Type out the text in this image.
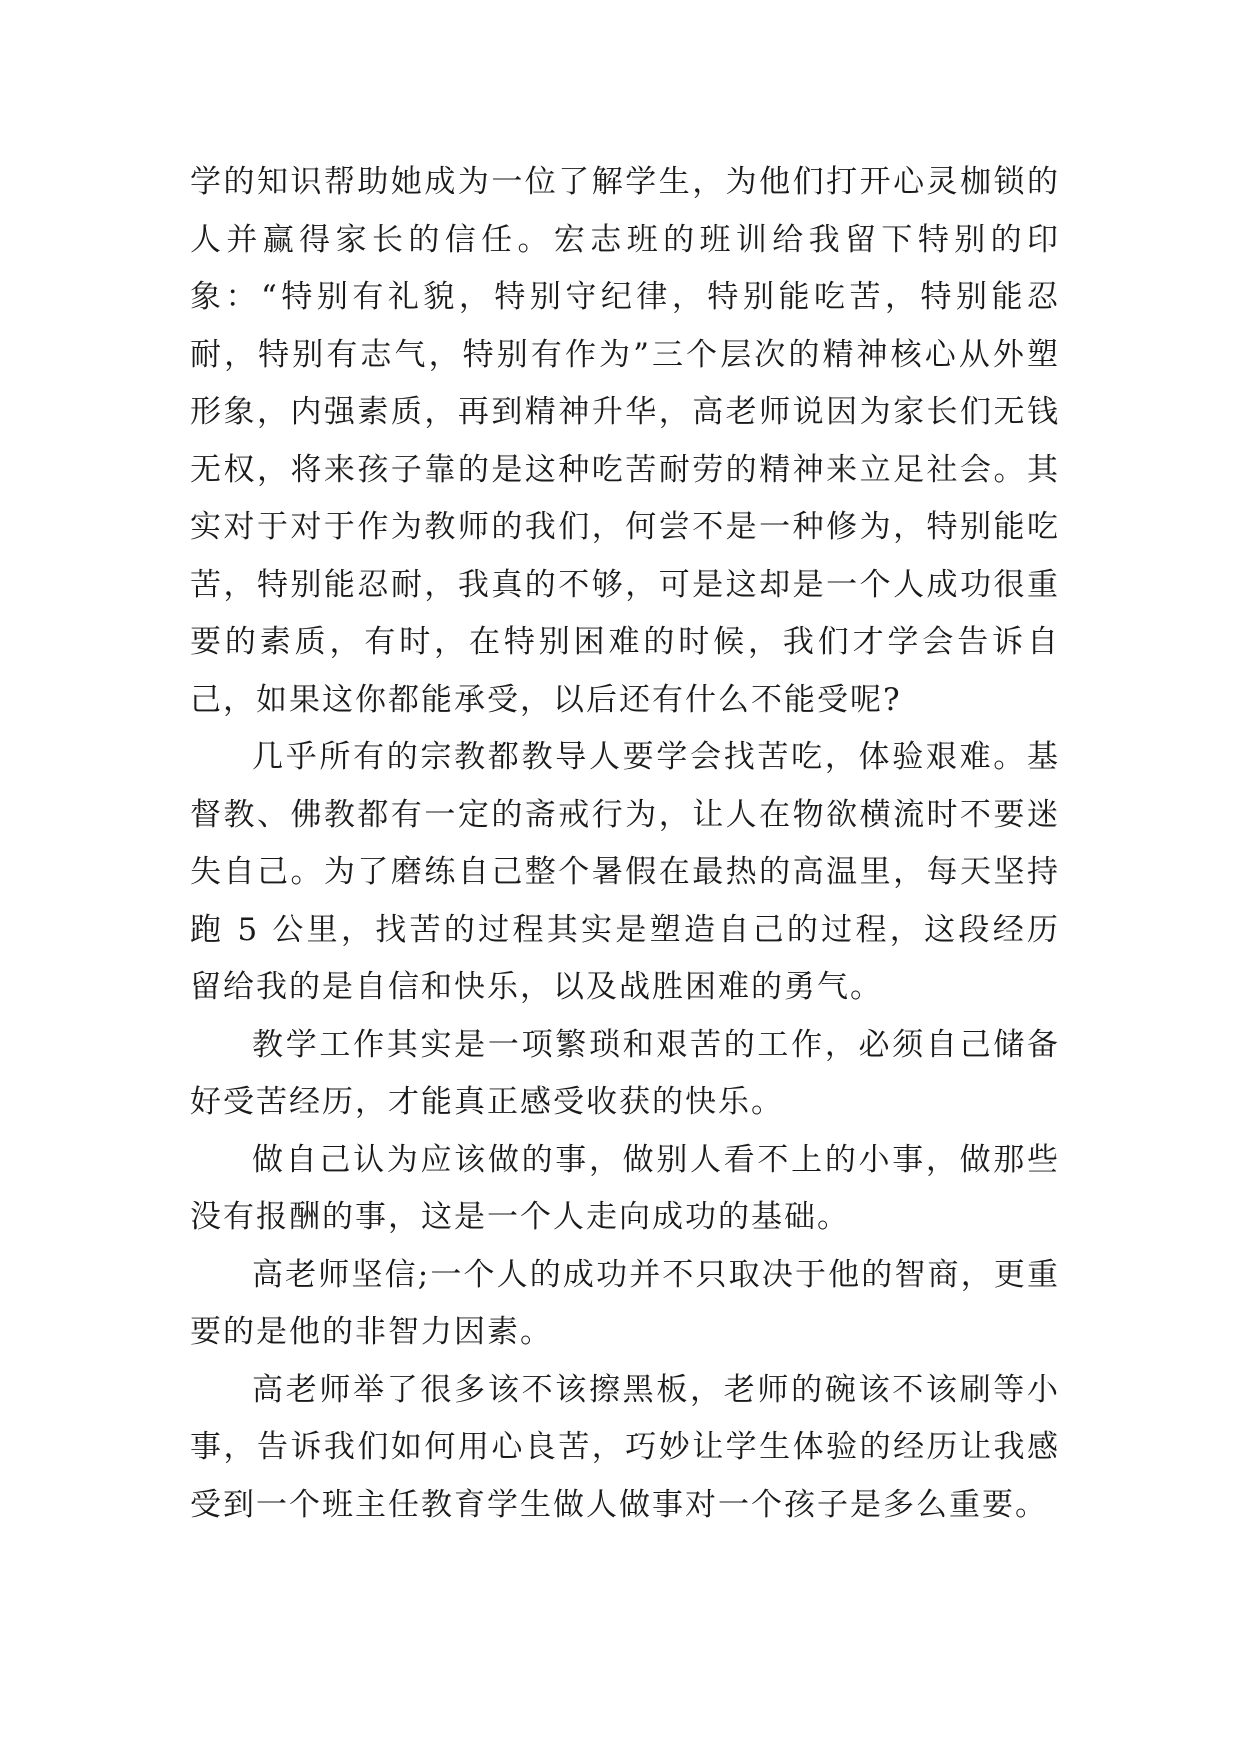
学的知识帮助她成为一位了解学生，为他们打开心灵枷锁的人并赢得家长的信任。宏志班的班训给我留下特别的印象：“特别有礼貌，特别守纪律，特别能吃苦，特别能忍耐，特别有志气，特别有作为”三个层次的精神核心从外塑形象，内强素质，再到精神升华，高老师说因为家长们无钱无权，将来孩子靠的是这种吃苦耐劳的精神来立足社会。其实对于对于作为教师的我们，何尝不是一种修为，特别能吃苦，特别能忍耐，我真的不够，可是这却是一个人成功很重要的素质，有时，在特别困难的时候，我们才学会告诉自己，如果这你都能承受，以后还有什么不能受呢?

几乎所有的宗教都教导人要学会找苦吃，体验艰难。基督教、佛教都有一定的斋戒行为，让人在物欲横流时不要迷失自己。为了磨练自己整个暑假在最热的高温里，每天坚持跑 5 公里，找苦的过程其实是塑造自己的过程，这段经历留给我的是自信和快乐，以及战胜困难的勇气。

教学工作其实是一项繁琐和艰苦的工作，必须自己储备好受苦经历，才能真正感受收获的快乐。

做自己认为应该做的事，做别人看不上的小事，做那些没有报酬的事，这是一个人走向成功的基础。

高老师坚信;一个人的成功并不只取决于他的智商，更重要的是他的非智力因素。

高老师举了很多该不该擦黑板，老师的碗该不该刷等小事，告诉我们如何用心良苦，巧妙让学生体验的经历让我感受到一个班主任教育学生做人做事对一个孩子是多么重要。
